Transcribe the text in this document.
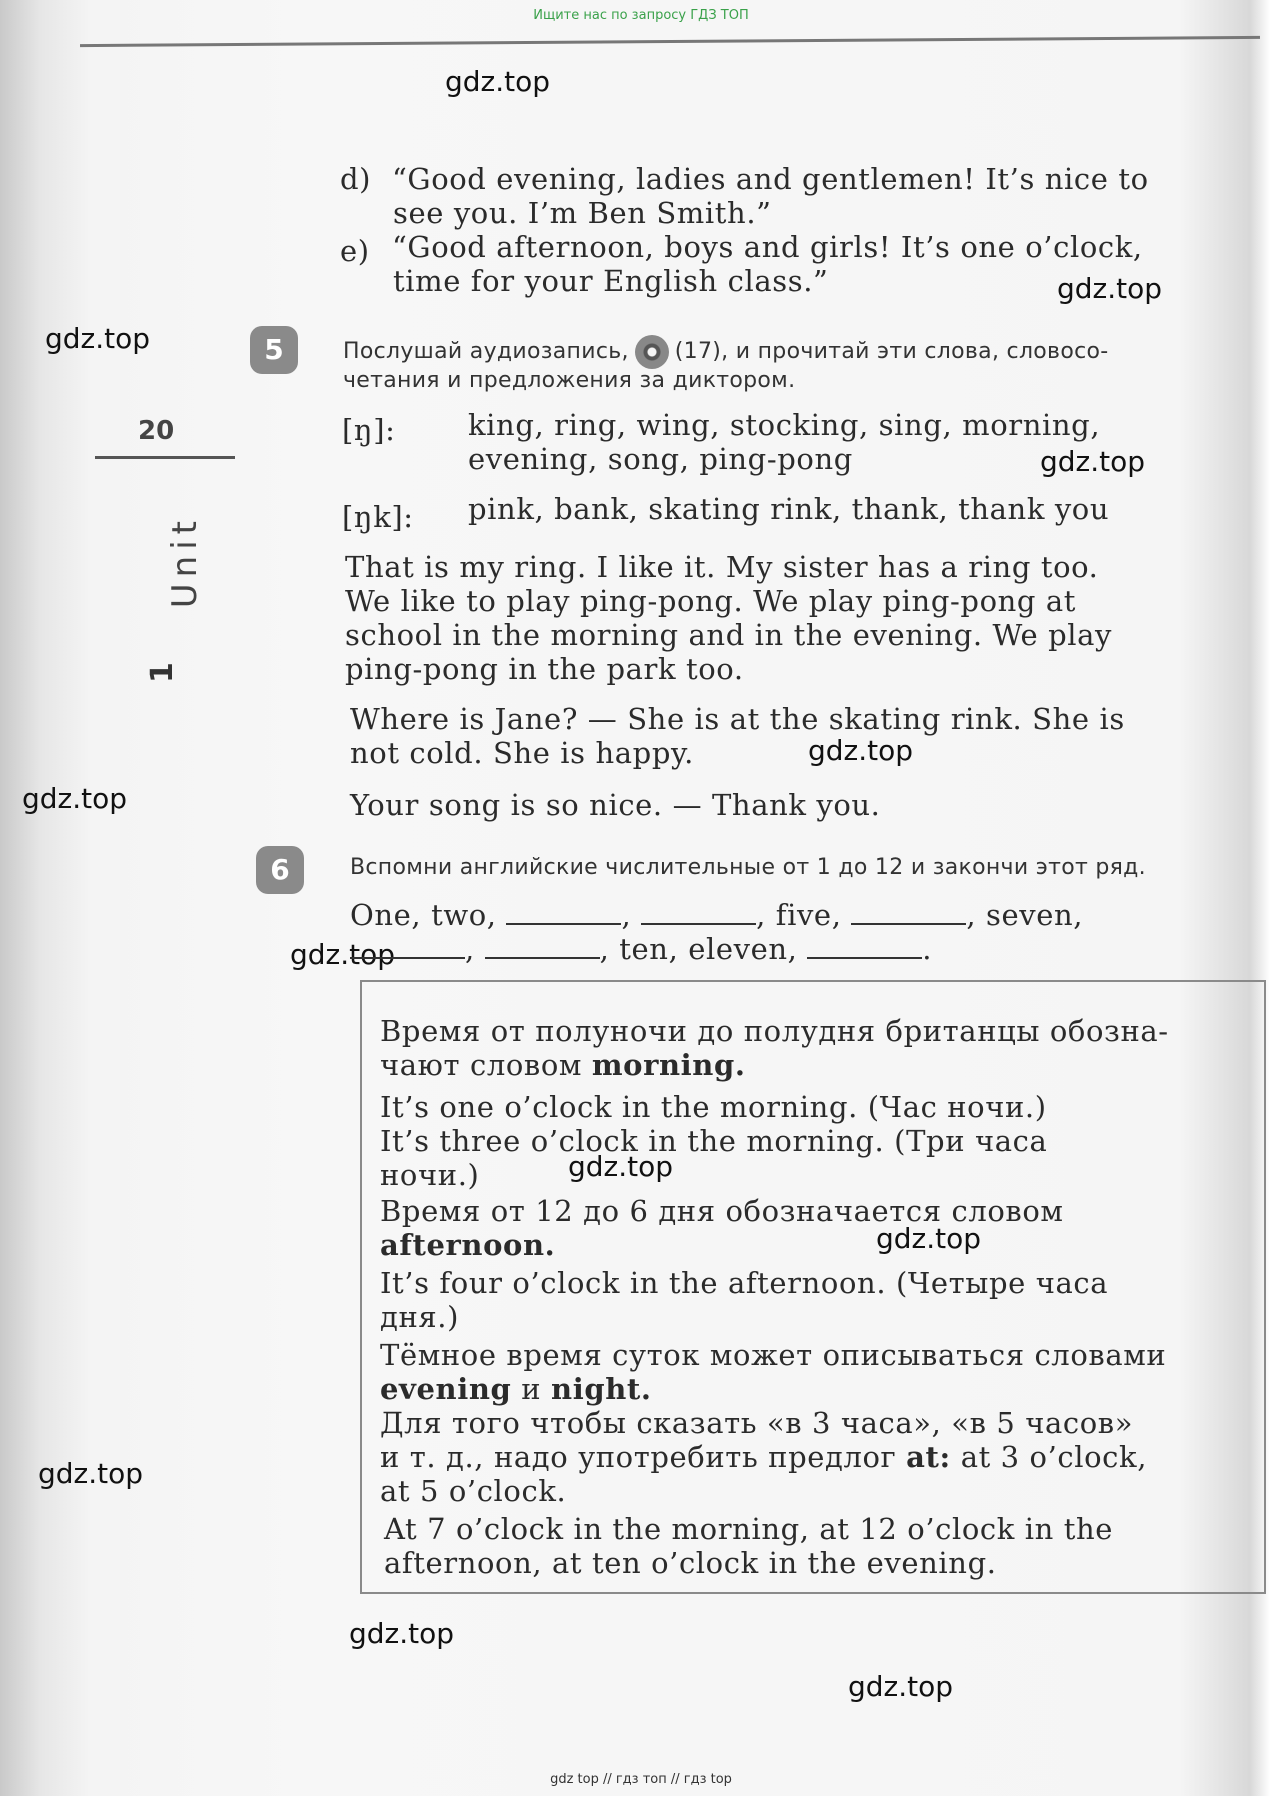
Ищите нас по запросу ГДЗ ТОП
gdz.top
gdz.top
gdz.top
gdz.top
gdz.top
gdz.top
gdz.top
gdz.top
gdz.top
gdz.top
gdz.top
gdz.top
20
Unit
1
d) “Good evening, ladies and gentlemen! It’s nice to
see you. I’m Ben Smith.”
e) “Good afternoon, boys and girls! It’s one o’clock,
time for your English class.”
5	Послушай аудиозапись, (17), и прочитай эти слова, словосо-
четания и предложения за диктором.
[ŋ]:	king, ring, wing, stocking, sing, morning,
evening, song, ping-pong
[ŋk]: pink, bank, skating rink, thank, thank you
That is my ring. I like it. My sister has a ring too.
We like to play ping-pong. We play ping-pong at
school in the morning and in the evening. We play
ping-pong in the park too.
Where is Jane? — She is at the skating rink. She is
not cold. She is happy.
Your song is so nice. — Thank you.
6	Вспомни английские числительные от 1 до 12 и закончи этот ряд.
One, two,	,	, five,	, seven,
,	, ten, eleven,	.
Время от полуночи до полудня британцы обозна-
чают словом morning.
It’s one o’clock in the morning. (Час ночи.)
It’s three o’clock in the morning. (Три часа
ночи.)
Время от 12 до 6 дня обозначается словом
afternoon.
It’s four o’clock in the afternoon. (Четыре часа
дня.)
Тёмное время суток может описываться словами
evening и night.
Для того чтобы сказать «в 3 часа», «в 5 часов»
и т. д., надо употребить предлог at: at 3 o’clock,
at 5 o’clock.
At 7 o’clock in the morning, at 12 o’clock in the
afternoon, at ten o’clock in the evening.
gdz top // гдз топ // гдз top
